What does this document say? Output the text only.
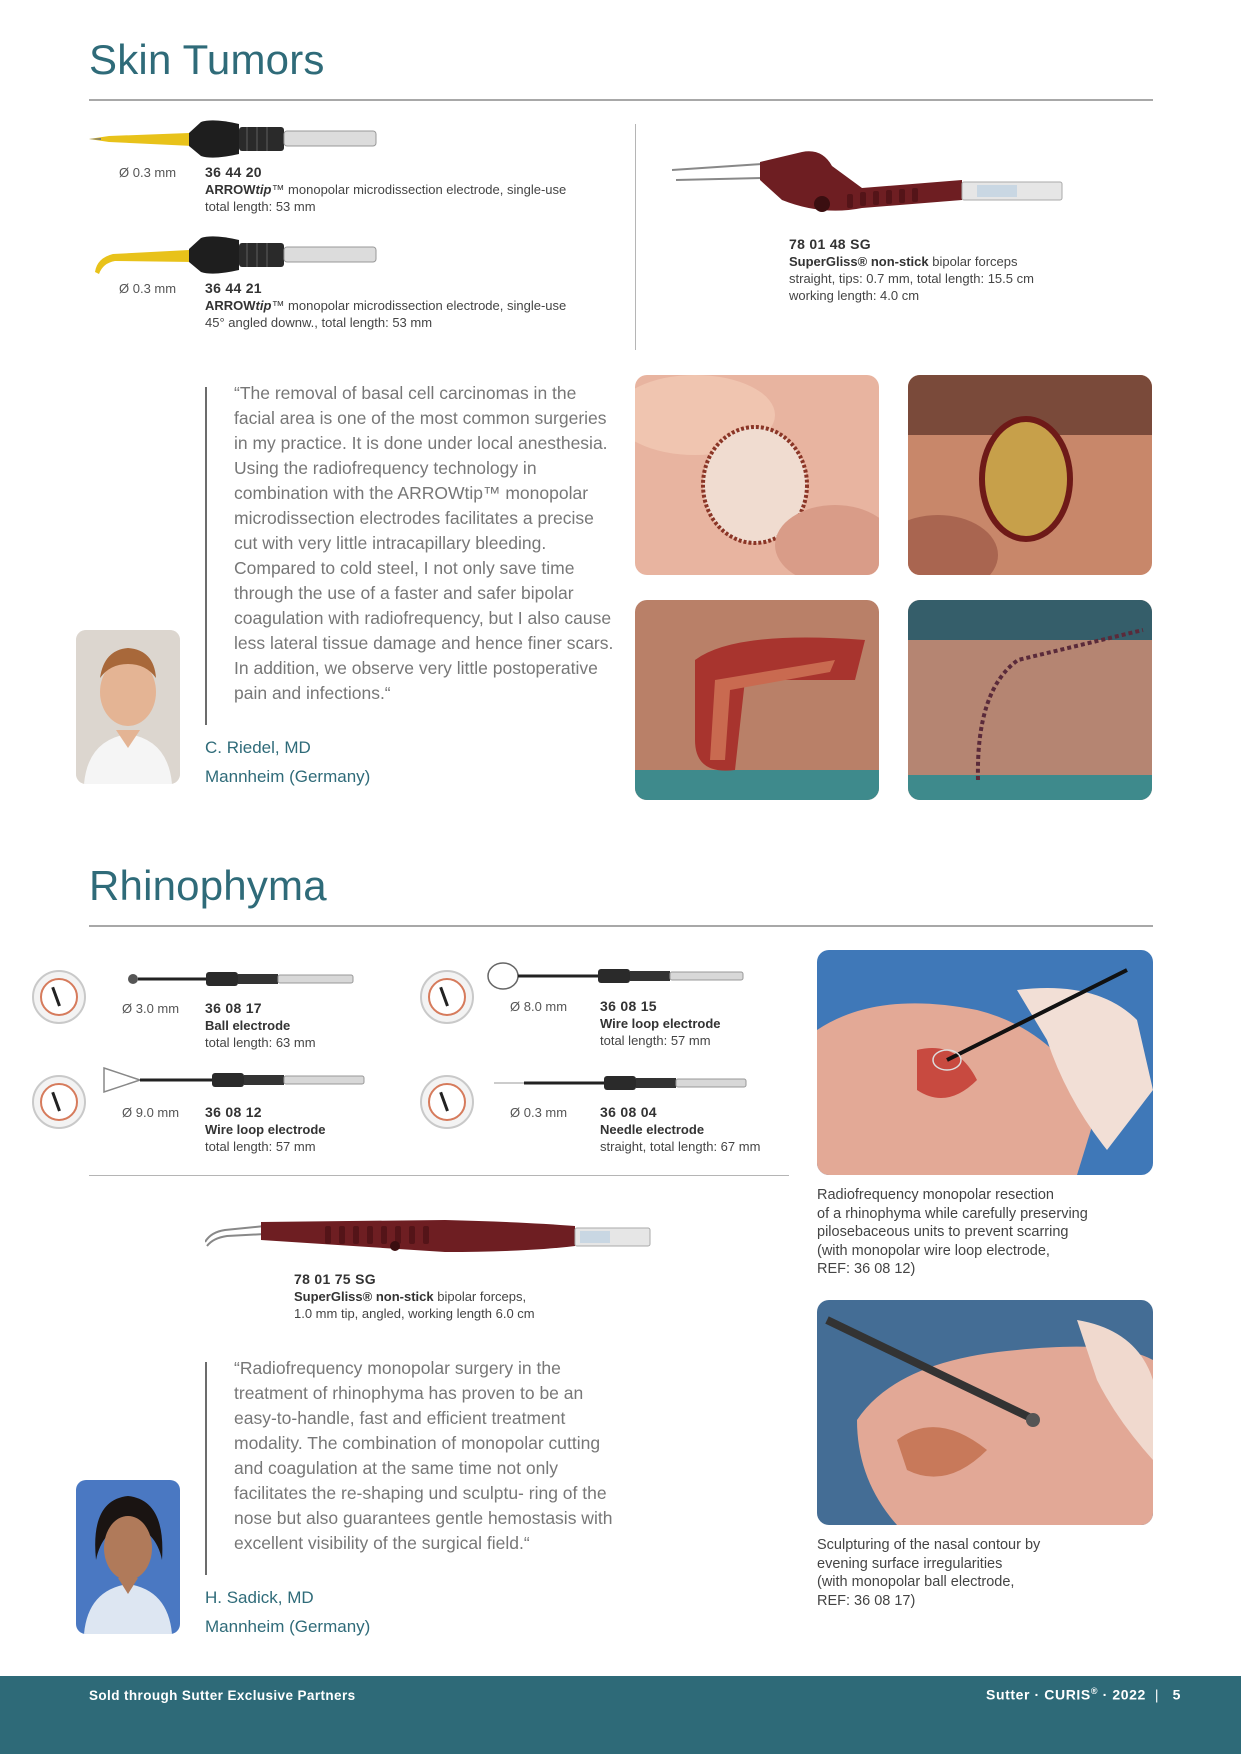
Skin Tumors
Ø 0.3 mm 36 44 20
ARROWtip™ monopolar microdissection electrode, single-use
total length: 53 mm
Ø 0.3 mm 36 44 21
ARROWtip™ monopolar microdissection electrode, single-use
45° angled downw., total length: 53 mm
78 01 48 SG
SuperGliss® non-stick bipolar forceps
straight, tips: 0.7 mm, total length: 15.5 cm
working length: 4.0 cm

“The removal of basal cell carcinomas in the facial area is one of the most common surgeries in my practice. It is done under local anesthesia. Using the radiofrequency technology in combination with the ARROWtip™ monopolar microdissection electrodes facilitates a precise cut with very little intracapillary bleeding. Compared to cold steel, I not only save time through the use of a faster and safer bipolar coagulation with radiofrequency, but I also cause less lateral tissue damage and hence finer scars. In addition, we observe very little postoperative pain and infections.“

C. Riedel, MD
Mannheim (Germany)
Rhinophyma
Ø 3.0 mm 36 08 17
Ball electrode
total length: 63 mm
Ø 8.0 mm 36 08 15
Wire loop electrode
total length: 57 mm
Ø 9.0 mm 36 08 12
Wire loop electrode
total length: 57 mm
Ø 0.3 mm 36 08 04
Needle electrode
straight, total length: 67 mm
78 01 75 SG
SuperGliss® non-stick bipolar forceps,
1.0 mm tip, angled, working length 6.0 cm

“Radiofrequency monopolar surgery in the treatment of rhinophyma has proven to be an easy-to-handle, fast and efficient treatment modality. The combination of monopolar cutting and coagulation at the same time not only facilitates the re-shaping und sculptu- ring of the nose but also guarantees gentle hemostasis with excellent visibility of the surgical field.“

H. Sadick, MD
Mannheim (Germany)
Radiofrequency monopolar resection
of a rhinophyma while carefully preserving
pilosebaceous units to prevent scarring
(with monopolar wire loop electrode,
REF: 36 08 12)
Sculpturing of the nasal contour by
evening surface irregularities
(with monopolar ball electrode,
REF: 36 08 17)
Sold through Sutter Exclusive Partners	Sutter · CURIS® · 2022 | 5
